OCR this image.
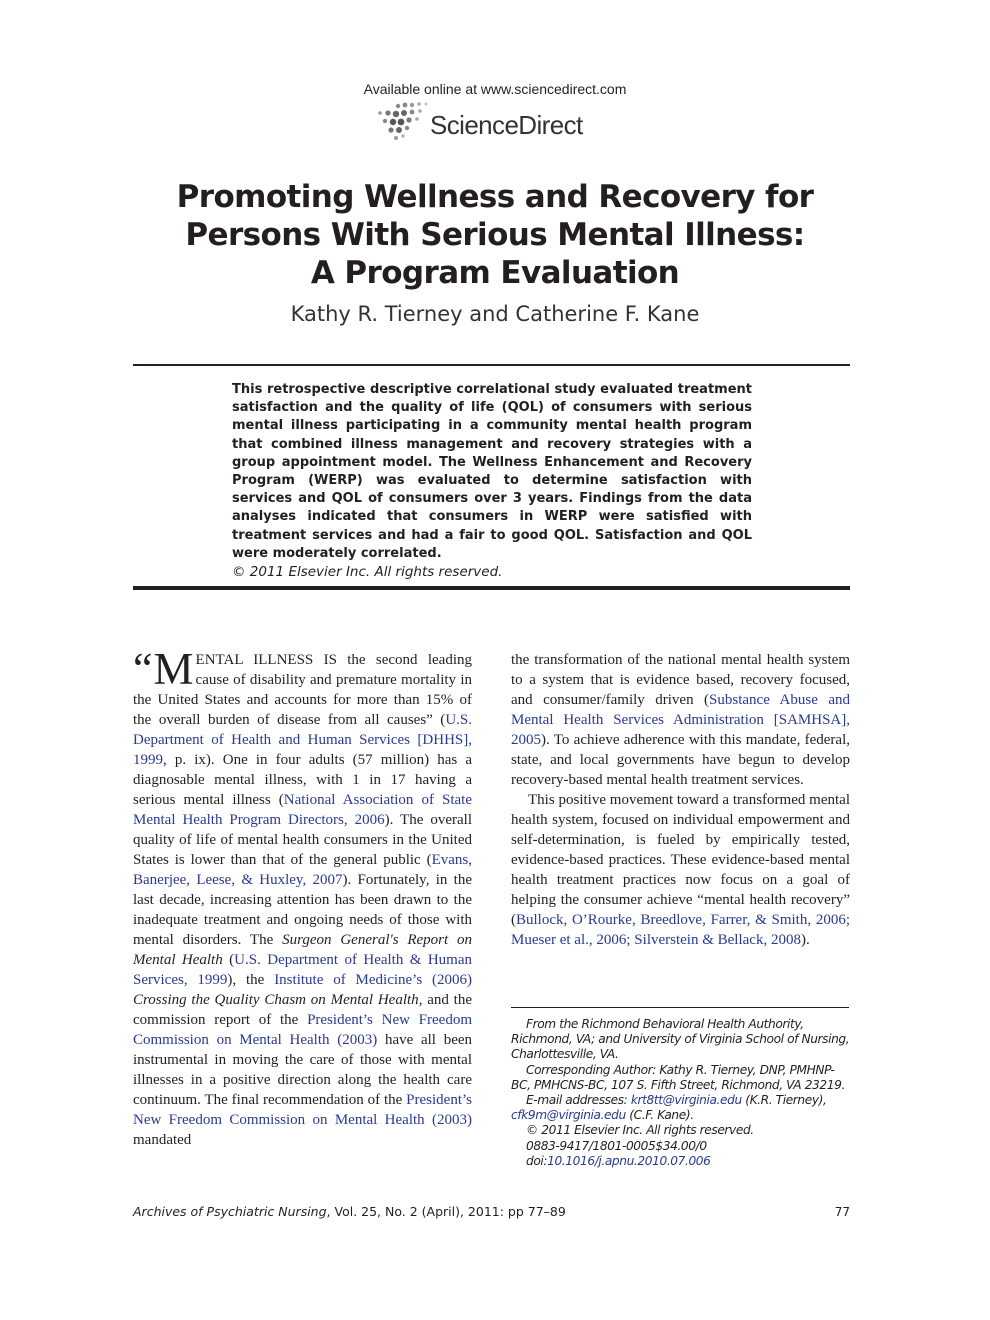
Available online at www.sciencedirect.com
ScienceDirect
Promoting Wellness and Recovery for
Persons With Serious Mental Illness:
A Program Evaluation
Kathy R. Tierney and Catherine F. Kane
This retrospective descriptive correlational study evaluated treatment satisfaction and the quality of life (QOL) of consumers with serious mental illness participating in a community mental health program that combined illness management and recovery strategies with a group appointment model. The Wellness Enhancement and Recovery Program (WERP) was evaluated to determine satisfaction with services and QOL of consumers over 3 years. Findings from the data analyses indicated that consumers in WERP were satisfied with treatment services and had a fair to good QOL. Satisfaction and QOL were moderately correlated.
© 2011 Elsevier Inc. All rights reserved.

“ M ENTAL ILLNESS IS the second leading cause of disability and premature mortality in the United States and accounts for more than 15% of the overall burden of disease from all causes” (U.S. Department of Health and Human Services [DHHS], 1999, p. ix). One in four adults (57 million) has a diagnosable mental illness, with 1 in 17 having a serious mental illness (National Association of State Mental Health Program Directors, 2006). The overall quality of life of mental health consumers in the United States is lower than that of the general public (Evans, Banerjee, Leese, & Huxley, 2007). Fortunately, in the last decade, increasing attention has been drawn to the inadequate treatment and ongoing needs of those with mental disorders. The Surgeon General's Report on Mental Health (U.S. Department of Health & Human Services, 1999), the Institute of Medicine’s (2006) Crossing the Quality Chasm on Mental Health, and the commission report of the President’s New Freedom Commission on Mental Health (2003) have all been instrumental in moving the care of those with mental illnesses in a positive direction along the health care continuum. The final recommendation of the President’s New Freedom Commission on Mental Health (2003) mandated

the transformation of the national mental health system to a system that is evidence based, recovery focused, and consumer/family driven (Substance Abuse and Mental Health Services Administration [SAMHSA], 2005). To achieve adherence with this mandate, federal, state, and local governments have begun to develop recovery-based mental health treatment services.

This positive movement toward a transformed mental health system, focused on individual empowerment and self-determination, is fueled by empirically tested, evidence-based practices. These evidence-based mental health treatment practices now focus on a goal of helping the consumer achieve “mental health recovery” (Bullock, O’Rourke, Breedlove, Farrer, & Smith, 2006; Mueser et al., 2006; Silverstein & Bellack, 2008).

From the Richmond Behavioral Health Authority, Richmond, VA; and University of Virginia School of Nursing, Charlottesville, VA.

Corresponding Author: Kathy R. Tierney, DNP, PMHNP-BC, PMHCNS-BC, 107 S. Fifth Street, Richmond, VA 23219.

E-mail addresses: krt8tt@virginia.edu (K.R. Tierney), cfk9m@virginia.edu (C.F. Kane).

© 2011 Elsevier Inc. All rights reserved.

0883-9417/1801-0005$34.00/0

doi:10.1016/j.apnu.2010.07.006

Archives of Psychiatric Nursing, Vol. 25, No. 2 (April), 2011: pp 77–89	77
